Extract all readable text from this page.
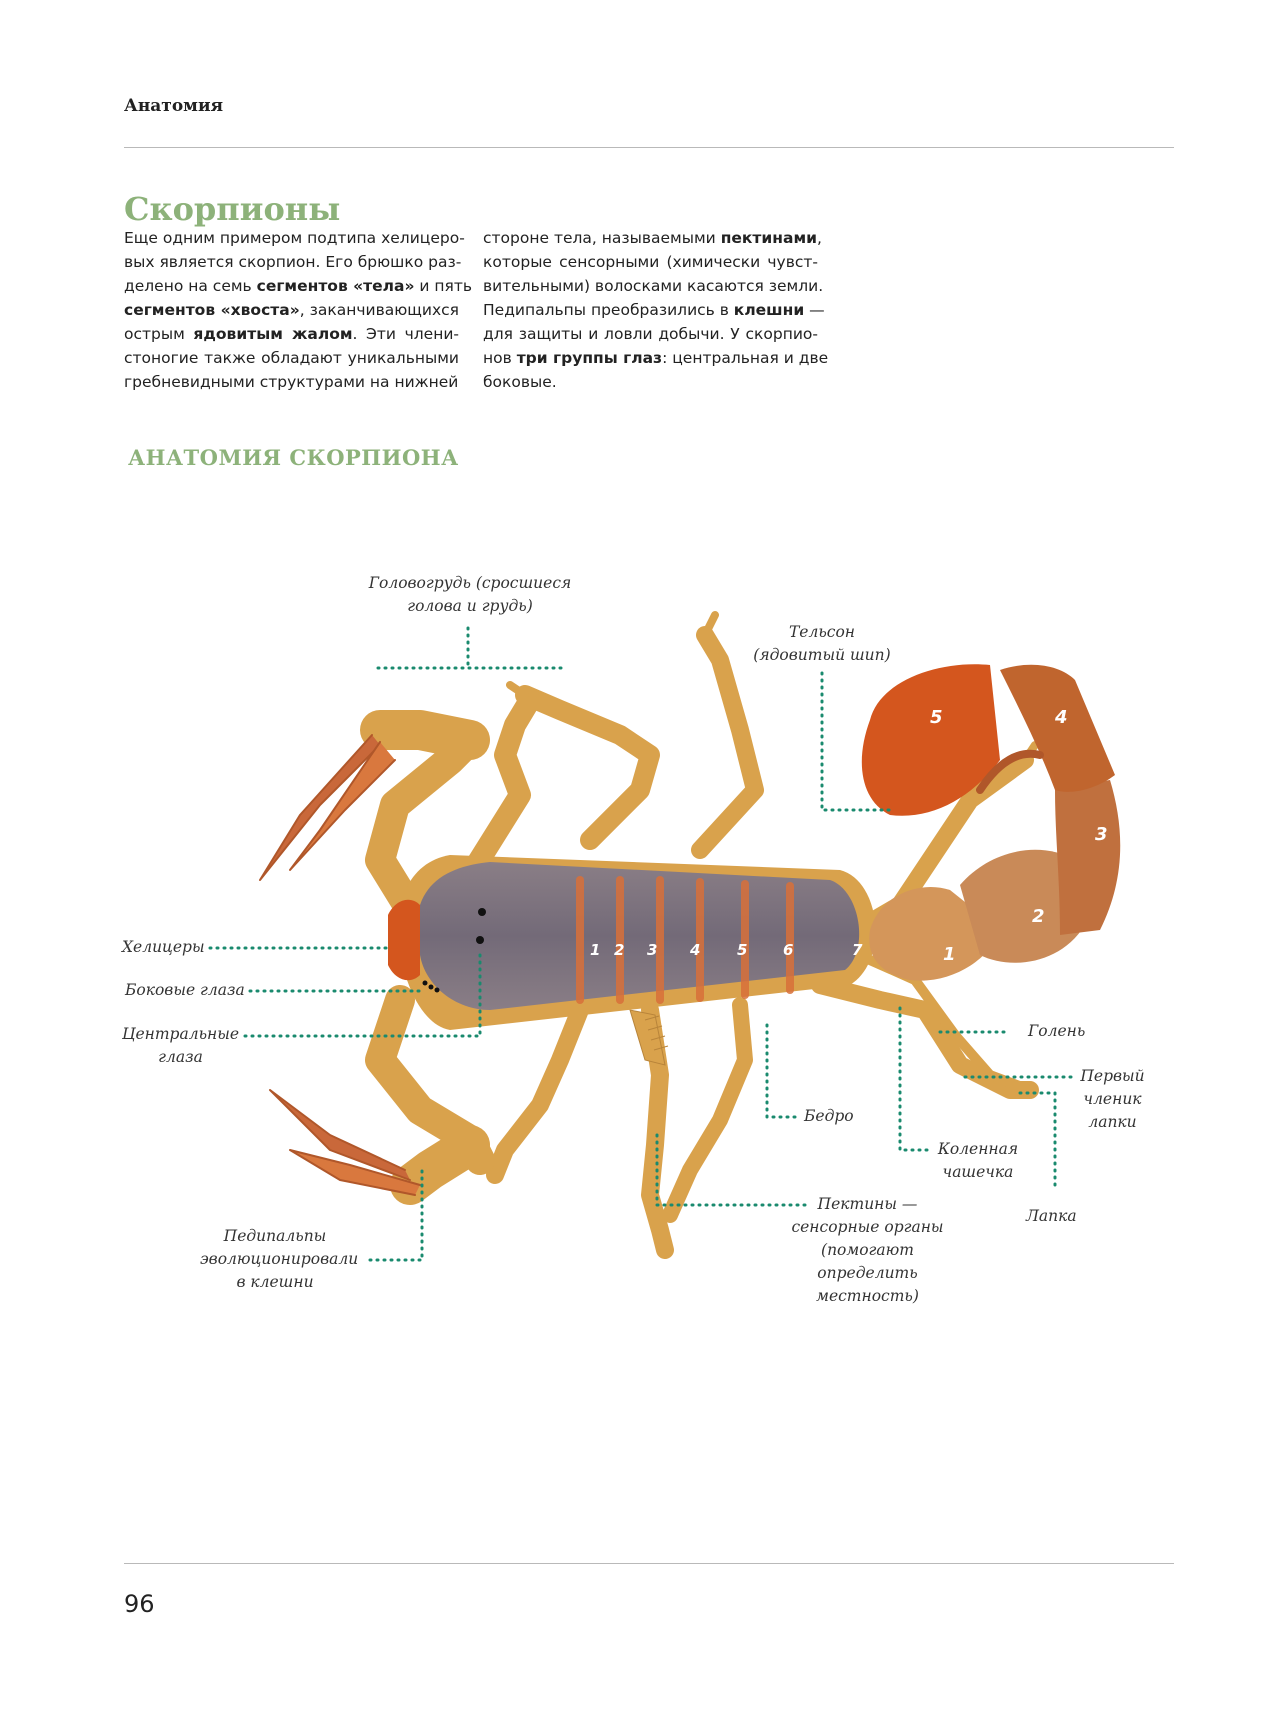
Анатомия
Скорпионы
Еще одним примером подтипа хелицеро-
вых является скорпион. Его брюшко раз-
делено на семь сегментов «тела» и пять
сегментов «хвоста», заканчивающихся
острым ядовитым жалом. Эти члени-
стоногие также обладают уникальными
гребневидными структурами на нижней
стороне тела, называемыми пектинами,
которые сенсорными (химически чувст-
вительными) волосками касаются земли.
Педипальпы преобразились в клешни —
для защиты и ловли добычи. У скорпио-
нов три группы глаз: центральная и две
боковые.
АНАТОМИЯ СКОРПИОНА
1 2 3 4 5 6	7	1
2
3
4
5
Головогрудь (сросшиеся
голова и грудь)
Тельсон
(ядовитый шип)
Хелицеры
Боковые глаза
Центральные
глаза
Педипальпы
эволюционировали
в клешни
Пектины —
сенсорные органы
(помогают
определить
местность)
Бедро
Коленная
чашечка
Голень
Первый
членик
лапки
Лапка
96
